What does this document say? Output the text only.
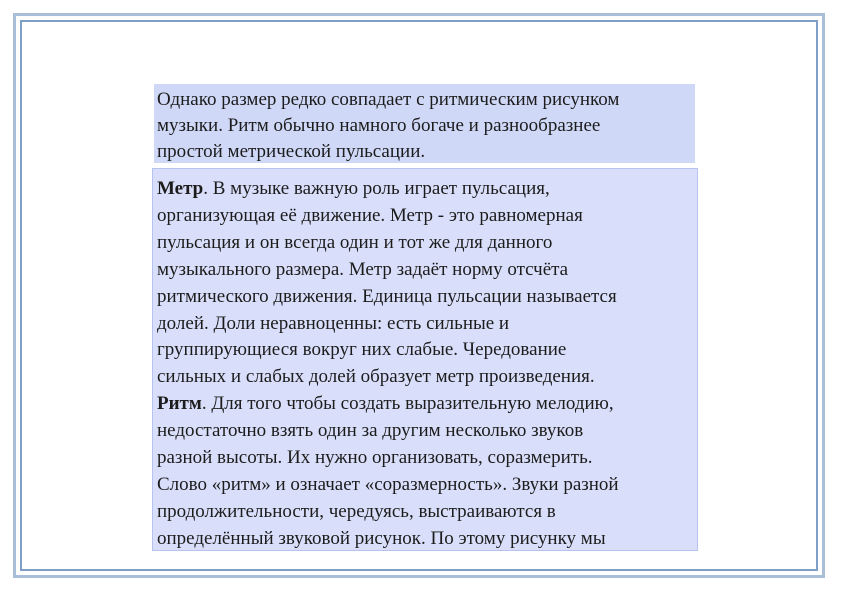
Однако размер редко совпадает с ритмическим рисунком
музыки. Ритм обычно намного богаче и разнообразнее
простой метрической пульсации.
Метр. В музыке важную роль играет пульсация,
организующая её движение. Метр - это равномерная
пульсация и он всегда один и тот же для данного
музыкального размера. Метр задаёт норму отсчёта
ритмического движения. Единица пульсации называется
долей. Доли неравноценны: есть сильные и
группирующиеся вокруг них слабые. Чередование
сильных и слабых долей образует метр произведения.
Ритм. Для того чтобы создать выразительную мелодию,
недостаточно взять один за другим несколько звуков
разной высоты. Их нужно организовать, соразмерить.
Слово «ритм» и означает «соразмерность». Звуки разной
продолжительности, чередуясь, выстраиваются в
определённый звуковой рисунок. По этому рисунку мы
